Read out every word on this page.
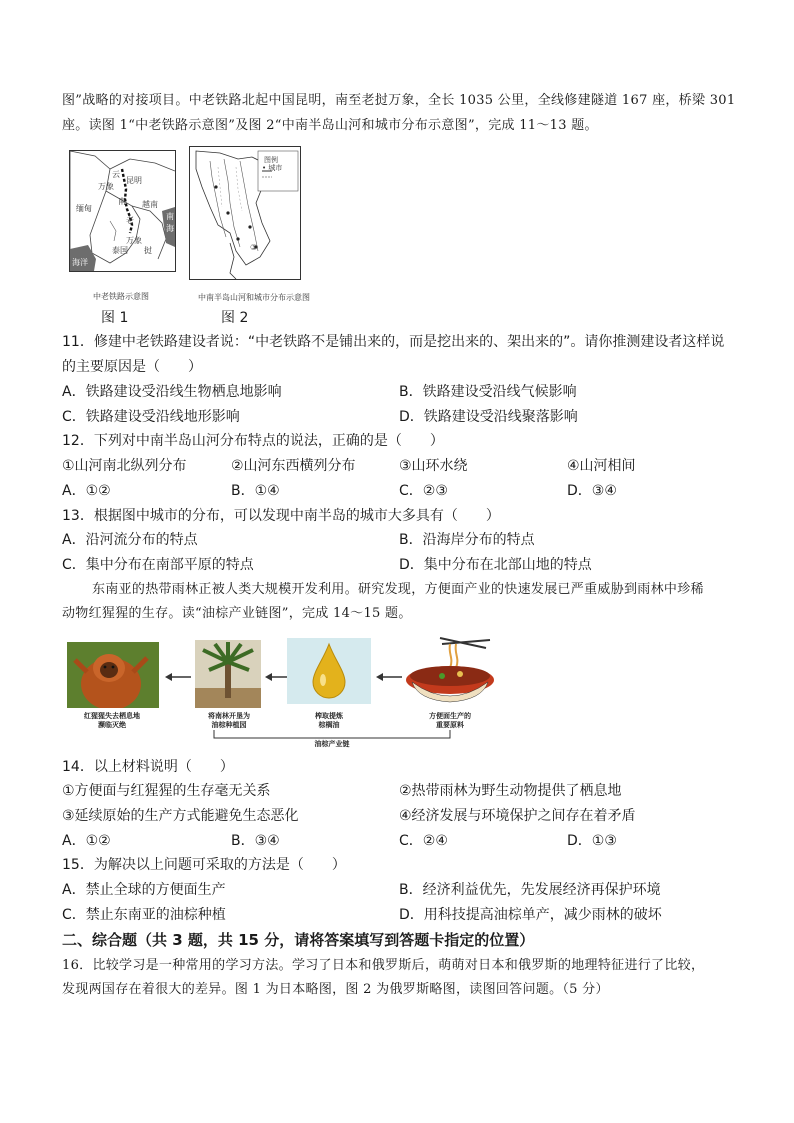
图”战略的对接项目。中老铁路北起中国昆明，南至老挝万象，全长 1035 公里，全线修建隧道 167 座，桥梁 301
座。读图 1“中老铁路示意图”及图 2“中南半岛山河和城市分布示意图”，完成 11～13 题。
云
南
昆明
万象
缅甸	越南
老
挝
万象
泰国
海洋
南
海
图例
• 城市
③
中老铁路示意图	中南半岛山河和城市分布示意图
图 1	图 2
11．修建中老铁路建设者说：“中老铁路不是铺出来的，而是挖出来的、架出来的”。请你推测建设者这样说
的主要原因是（　　）
A．铁路建设受沿线生物栖息地影响	B．铁路建设受沿线气候影响
C．铁路建设受沿线地形影响	D．铁路建设受沿线聚落影响
12．下列对中南半岛山河分布特点的说法，正确的是（　　）
①山河南北纵列分布	②山河东西横列分布	③山环水绕	④山河相间
A．①②	B．①④	C．②③	D．③④
13．根据图中城市的分布，可以发现中南半岛的城市大多具有（　　）
A．沿河流分布的特点	B．沿海岸分布的特点
C．集中分布在南部平原的特点	D．集中分布在北部山地的特点
东南亚的热带雨林正被人类大规模开发利用。研究发现，方便面产业的快速发展已严重威胁到雨林中珍稀
动物红猩猩的生存。读“油棕产业链图”，完成 14～15 题。
红猩猩失去栖息地
濒临灭绝
将南林开垦为
油棕种植园
榨取提炼
棕榈油
方便面生产的
重要原料
油棕产业链
14．以上材料说明（　　）
①方便面与红猩猩的生存毫无关系	②热带雨林为野生动物提供了栖息地
③延续原始的生产方式能避免生态恶化	④经济发展与环境保护之间存在着矛盾
A．①②	B．③④	C．②④	D．①③
15．为解决以上问题可采取的方法是（　　）
A．禁止全球的方便面生产	B．经济利益优先，先发展经济再保护环境
C．禁止东南亚的油棕种植	D．用科技提高油棕单产，减少雨林的破坏
二、综合题（共 3 题，共 15 分，请将答案填写到答题卡指定的位置）
16．比较学习是一种常用的学习方法。学习了日本和俄罗斯后，萌萌对日本和俄罗斯的地理特征进行了比较，
发现两国存在着很大的差异。图 1 为日本略图，图 2 为俄罗斯略图，读图回答问题。（5 分）
